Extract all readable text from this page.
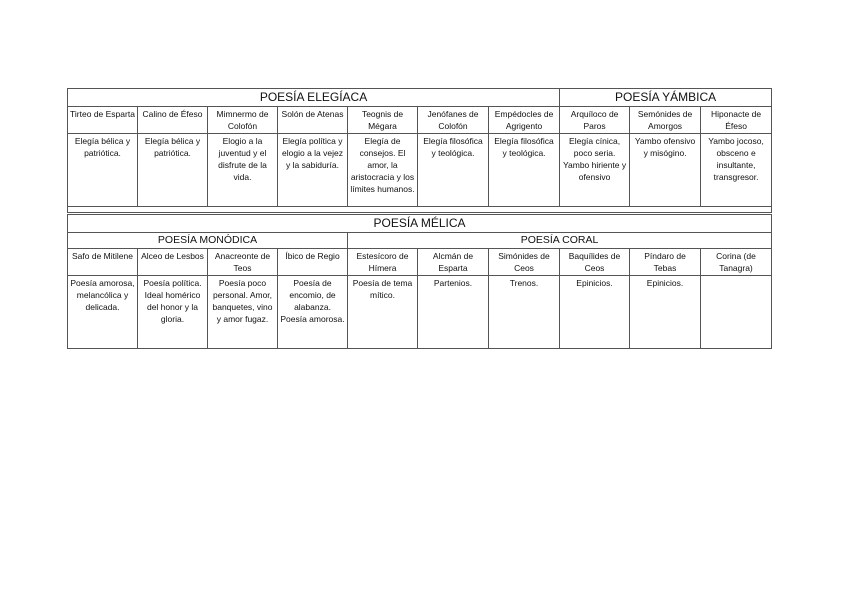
POESÍA ELEGÍACA							POESÍA YÁMBICA		
Tirteo de Esparta	Calino de Éfeso	Mimnermo de Colofón	Solón de Atenas	Teognis de Mégara	Jenófanes de Colofón	Empédocles de Agrigento	Arquíloco de Paros	Semónides de Amorgos	Hiponacte de Éfeso
Elegía bélica y patriótica.	Elegía bélica y patriótica.	Elogio a la juventud y el disfrute de la vida.	Elegía política y elogio a la vejez y la sabiduría.	Elegía de consejos. El amor, la aristocracia y los límites humanos.	Elegía filosófica y teológica.	Elegía filosófica y teológica.	Elegía cínica, poco seria. Yambo hiriente y ofensivo	Yambo ofensivo y misógino.	Yambo jocoso, obsceno e insultante, transgresor.

POESÍA MÉLICA									
POESÍA MONÓDICA				POESÍA CORAL					
Safo de Mitilene	Alceo de Lesbos	Anacreonte de Teos	Íbico de Regio	Estesícoro de Hímera	Alcmán de Esparta	Simónides de Ceos	Baquílides de Ceos	Píndaro de Tebas	Corina (de Tanagra)
Poesía amorosa, melancólica y delicada.	Poesía política. Ideal homérico del honor y la gloria.	Poesía poco personal. Amor, banquetes, vino y amor fugaz.	Poesía de encomio, de alabanza. Poesía amorosa.	Poesía de tema mítico.	Partenios.	Trenos.	Epinicios.	Epinicios.	
